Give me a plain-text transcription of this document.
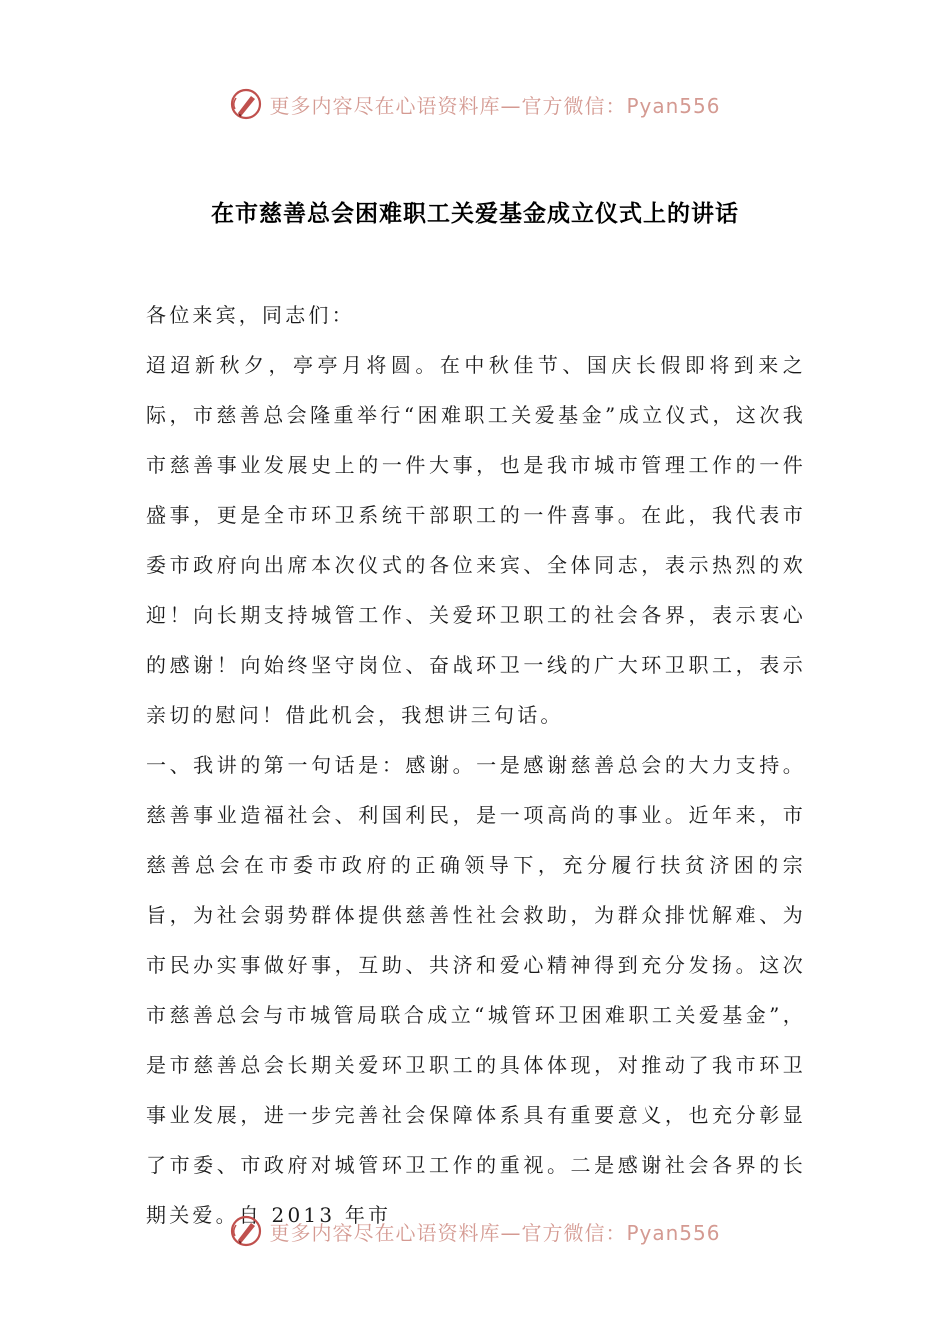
更多内容尽在心语资料库—官方微信：Pyan556
在市慈善总会困难职工关爱基金成立仪式上的讲话

各位来宾，同志们：

迢迢新秋夕，亭亭月将圆。在中秋佳节、国庆长假即将到来之际，市慈善总会隆重举行“困难职工关爱基金”成立仪式，这次我市慈善事业发展史上的一件大事，也是我市城市管理工作的一件盛事，更是全市环卫系统干部职工的一件喜事。在此，我代表市委市政府向出席本次仪式的各位来宾、全体同志，表示热烈的欢迎！向长期支持城管工作、关爱环卫职工的社会各界，表示衷心的感谢！向始终坚守岗位、奋战环卫一线的广大环卫职工，表示亲切的慰问！借此机会，我想讲三句话。

一、我讲的第一句话是：感谢。一是感谢慈善总会的大力支持。慈善事业造福社会、利国利民，是一项高尚的事业。近年来，市慈善总会在市委市政府的正确领导下，充分履行扶贫济困的宗旨，为社会弱势群体提供慈善性社会救助，为群众排忧解难、为市民办实事做好事，互助、共济和爱心精神得到充分发扬。这次市慈善总会与市城管局联合成立“城管环卫困难职工关爱基金”，是市慈善总会长期关爱环卫职工的具体体现，对推动了我市环卫事业发展，进一步完善社会保障体系具有重要意义，也充分彰显了市委、市政府对城管环卫工作的重视。二是感谢社会各界的长期关爱。自 2013 年市

更多内容尽在心语资料库—官方微信：Pyan556
